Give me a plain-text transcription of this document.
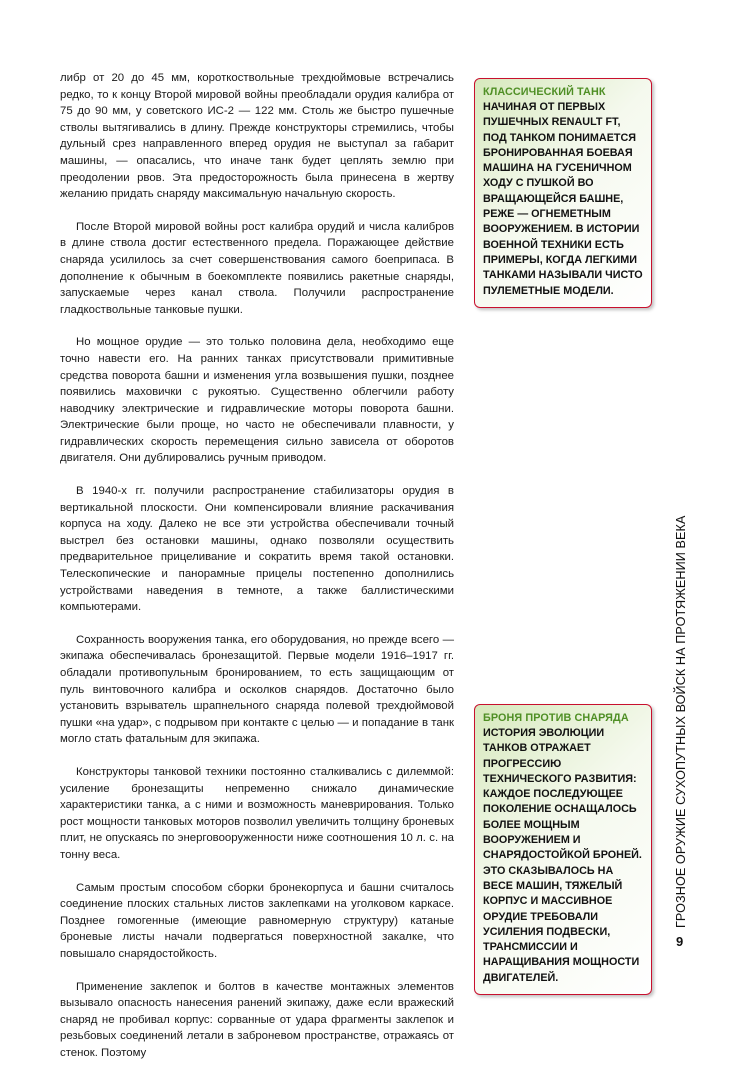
либр от 20 до 45 мм, короткоствольные трехдюймовые встречались редко, то к концу Второй мировой войны преобладали орудия калибра от 75 до 90 мм, у советского ИС-2 — 122 мм. Столь же быстро пушечные стволы вытягивались в длину. Прежде конструкторы стремились, чтобы дульный срез направленного вперед орудия не выступал за габарит машины, — опасались, что иначе танк будет цеплять землю при преодолении рвов. Эта предосторожность была принесена в жертву желанию придать снаряду максимальную начальную скорость.

После Второй мировой войны рост калибра орудий и числа калибров в длине ствола достиг естественного предела. Поражающее действие снаряда усилилось за счет совершенствования самого боеприпаса. В дополнение к обычным в боекомплекте появились ракетные снаряды, запускаемые через канал ствола. Получили распространение гладкоствольные танковые пушки.

Но мощное орудие — это только половина дела, необходимо еще точно навести его. На ранних танках присутствовали примитивные средства поворота башни и изменения угла возвышения пушки, позднее появились маховички с рукоятью. Существенно облегчили работу наводчику электрические и гидравлические моторы поворота башни. Электрические были проще, но часто не обеспечивали плавности, у гидравлических скорость перемещения сильно зависела от оборотов двигателя. Они дублировались ручным приводом.

В 1940-х гг. получили распространение стабилизаторы орудия в вертикальной плоскости. Они компенсировали влияние раскачивания корпуса на ходу. Далеко не все эти устройства обеспечивали точный выстрел без остановки машины, однако позволяли осуществить предварительное прицеливание и сократить время такой остановки. Телескопические и панорамные прицелы постепенно дополнились устройствами наведения в темноте, а также баллистическими компьютерами.

Сохранность вооружения танка, его оборудования, но прежде всего — экипажа обеспечивалась бронезащитой. Первые модели 1916–1917 гг. обладали противопульным бронированием, то есть защищающим от пуль винтовочного калибра и осколков снарядов. Достаточно было установить взрыватель шрапнельного снаряда полевой трехдюймовой пушки «на удар», с подрывом при контакте с целью — и попадание в танк могло стать фатальным для экипажа.

Конструкторы танковой техники постоянно сталкивались с дилеммой: усиление бронезащиты непременно снижало динамические характеристики танка, а с ними и возможность маневрирования. Только рост мощности танковых моторов позволил увеличить толщину броневых плит, не опускаясь по энерговооруженности ниже соотношения 10 л. с. на тонну веса.

Самым простым способом сборки бронекорпуса и башни считалось соединение плоских стальных листов заклепками на уголковом каркасе. Позднее гомогенные (имеющие равномерную структуру) катаные броневые листы начали подвергаться поверхностной закалке, что повышало снарядостойкость.

Применение заклепок и болтов в качестве монтажных элементов вызывало опасность нанесения ранений экипажу, даже если вражеский снаряд не пробивал корпус: сорванные от удара фрагменты заклепок и резьбовых соединений летали в заброневом пространстве, отражаясь от стенок. Поэтому

КЛАССИЧЕСКИЙ ТАНК
НАЧИНАЯ ОТ ПЕРВЫХ ПУШЕЧНЫХ RENAULT FT, ПОД ТАНКОМ ПОНИМАЕТСЯ БРОНИРОВАННАЯ БОЕВАЯ МАШИНА НА ГУСЕНИЧНОМ ХОДУ С ПУШКОЙ ВО ВРАЩАЮЩЕЙСЯ БАШНЕ, РЕЖЕ — ОГНЕМЕТНЫМ ВООРУЖЕНИЕМ. В ИСТОРИИ ВОЕННОЙ ТЕХНИКИ ЕСТЬ ПРИМЕРЫ, КОГДА ЛЕГКИМИ ТАНКАМИ НАЗЫВАЛИ ЧИСТО ПУЛЕМЕТНЫЕ МОДЕЛИ.
БРОНЯ ПРОТИВ СНАРЯДА
ИСТОРИЯ ЭВОЛЮЦИИ ТАНКОВ ОТРАЖАЕТ ПРОГРЕССИЮ ТЕХНИЧЕСКОГО РАЗВИТИЯ: КАЖДОЕ ПОСЛЕДУЮЩЕЕ ПОКОЛЕНИЕ ОСНАЩАЛОСЬ БОЛЕЕ МОЩНЫМ ВООРУЖЕНИЕМ И СНАРЯДОСТОЙКОЙ БРОНЕЙ. ЭТО СКАЗЫВАЛОСЬ НА ВЕСЕ МАШИН, ТЯЖЕЛЫЙ КОРПУС И МАССИВНОЕ ОРУДИЕ ТРЕБОВАЛИ УСИЛЕНИЯ ПОДВЕСКИ, ТРАНСМИССИИ И НАРАЩИВАНИЯ МОЩНОСТИ ДВИГАТЕЛЕЙ.
ГРОЗНОЕ ОРУЖИЕ СУХОПУТНЫХ ВОЙСК НА ПРОТЯЖЕНИИ ВЕКА
9
